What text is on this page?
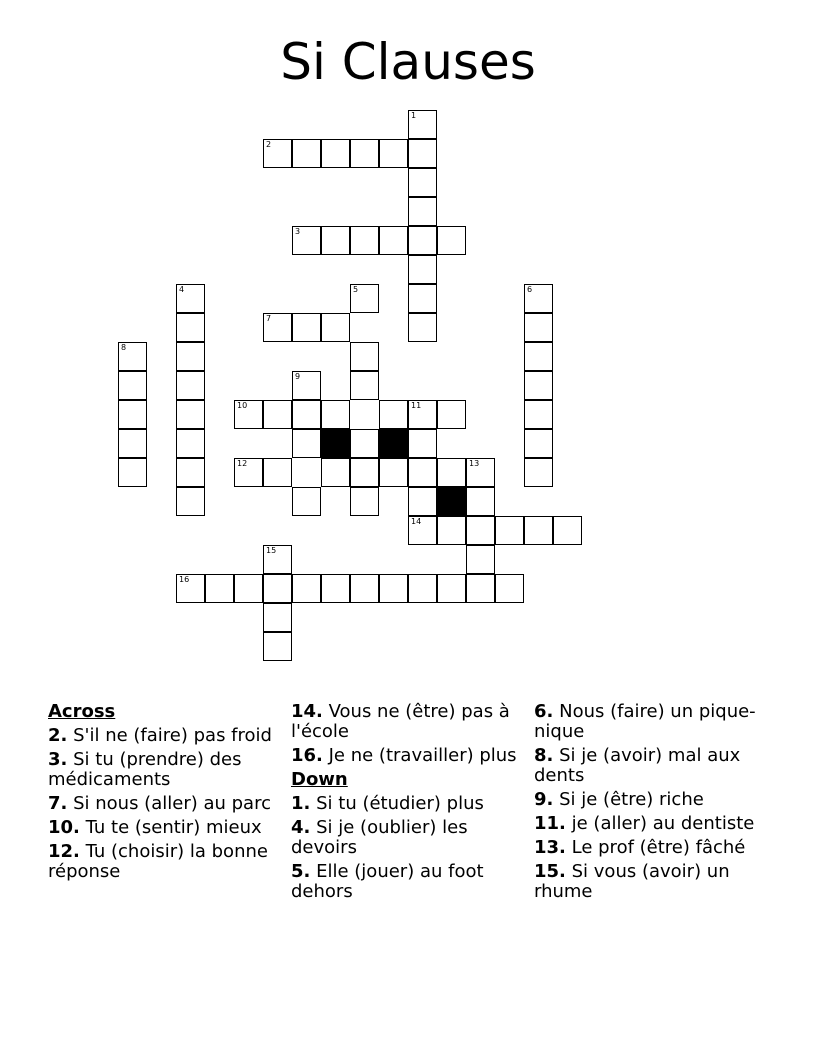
Si Clauses
1
2
3
4	5	6
7
8
9
10	11
12	13
14
15
16
Across
2. S'il ne (faire) pas froid
3. Si tu (prendre) des médicaments
7. Si nous (aller) au parc
10. Tu te (sentir) mieux
12. Tu (choisir) la bonne réponse
14. Vous ne (être) pas à l'école
16. Je ne (travailler) plus
Down
1. Si tu (étudier) plus
4. Si je (oublier) les devoirs
5. Elle (jouer) au foot dehors
6. Nous (faire) un pique-nique
8. Si je (avoir) mal aux dents
9. Si je (être) riche
11. je (aller) au dentiste
13. Le prof (être) fâché
15. Si vous (avoir) un rhume
